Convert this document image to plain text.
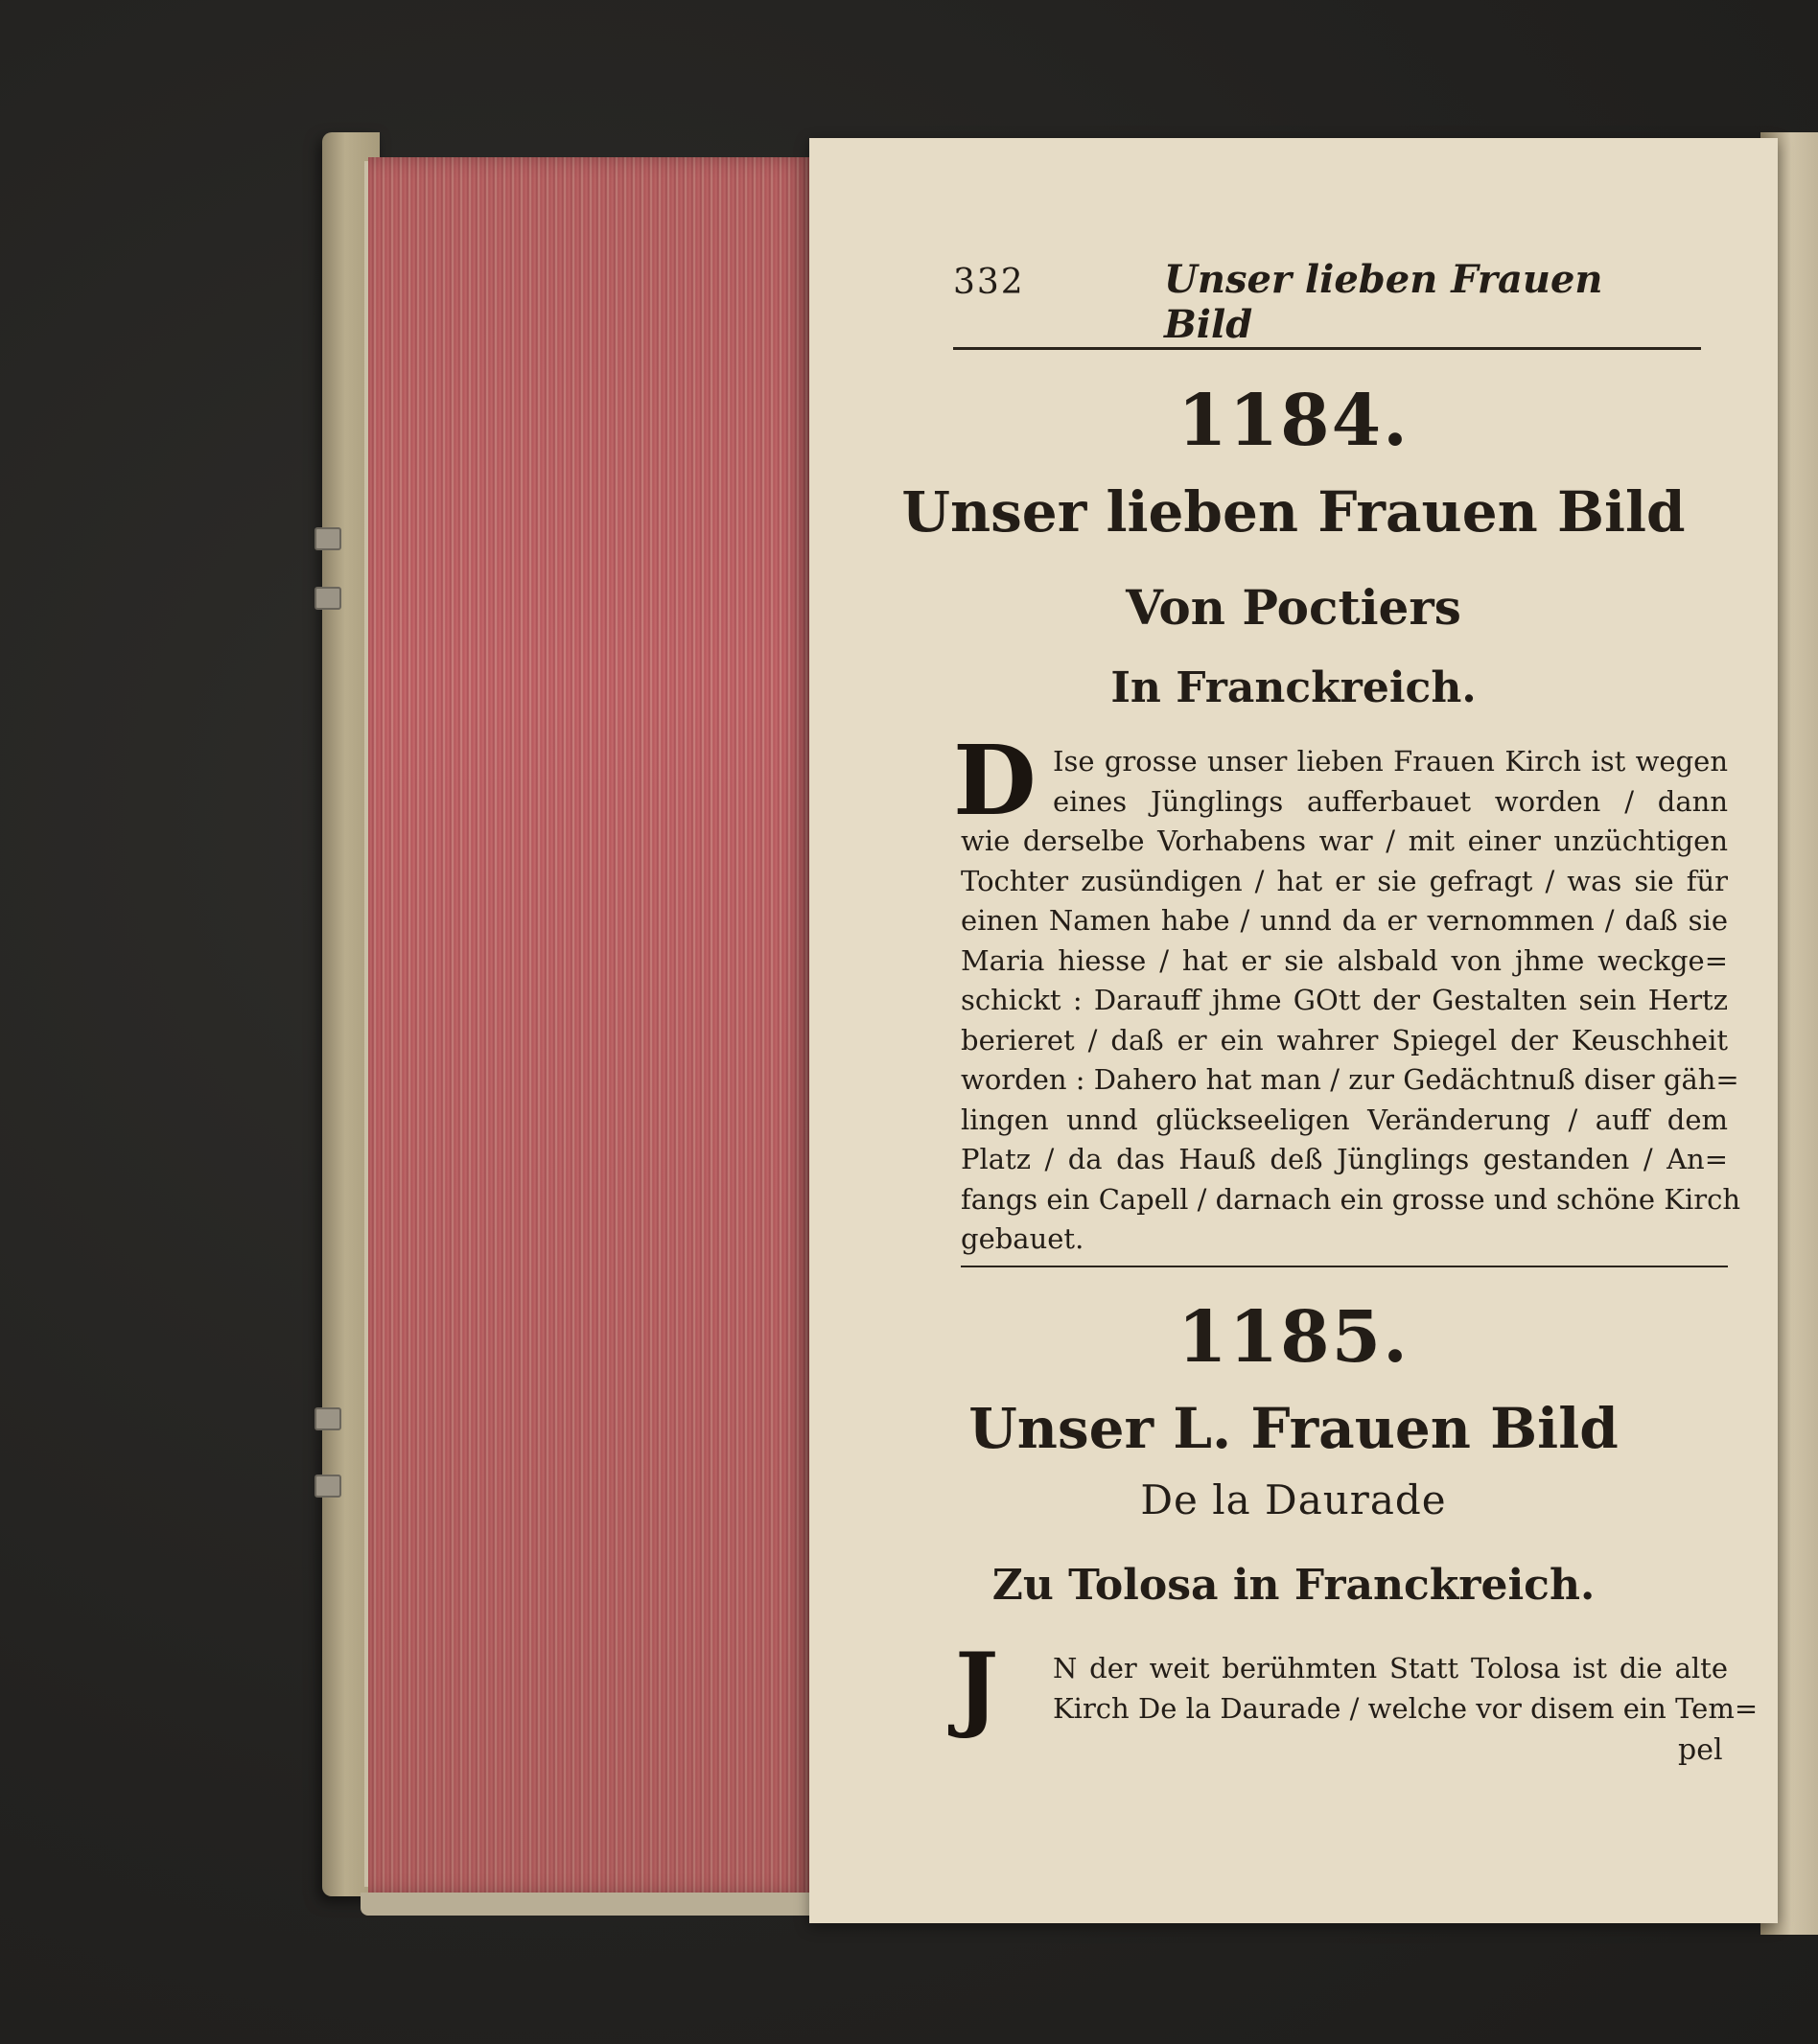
332	Unser lieben Frauen Bild
1184.
Unser lieben Frauen Bild
Von Poctiers
In Franckreich.
D Ise grosse unser lieben Frauen Kirch ist wegen
eines Jünglings aufferbauet worden / dann
wie derselbe Vorhabens war / mit einer unzüchtigen
Tochter zusündigen / hat er sie gefragt / was sie für
einen Namen habe / unnd da er vernommen / daß sie
Maria hiesse / hat er sie alsbald von jhme weckge=
schickt : Darauff jhme GOtt der Gestalten sein Hertz
berieret / daß er ein wahrer Spiegel der Keuschheit
worden : Dahero hat man / zur Gedächtnuß diser gäh=
lingen unnd glückseeligen Veränderung / auff dem
Platz / da das Hauß deß Jünglings gestanden / An=
fangs ein Capell / darnach ein grosse und schöne Kirch
gebauet.
1185.
Unser L. Frauen Bild
De la Daurade
Zu Tolosa in Franckreich.
J N der weit berühmten Statt Tolosa ist die alte
Kirch De la Daurade / welche vor disem ein Tem=
pel
